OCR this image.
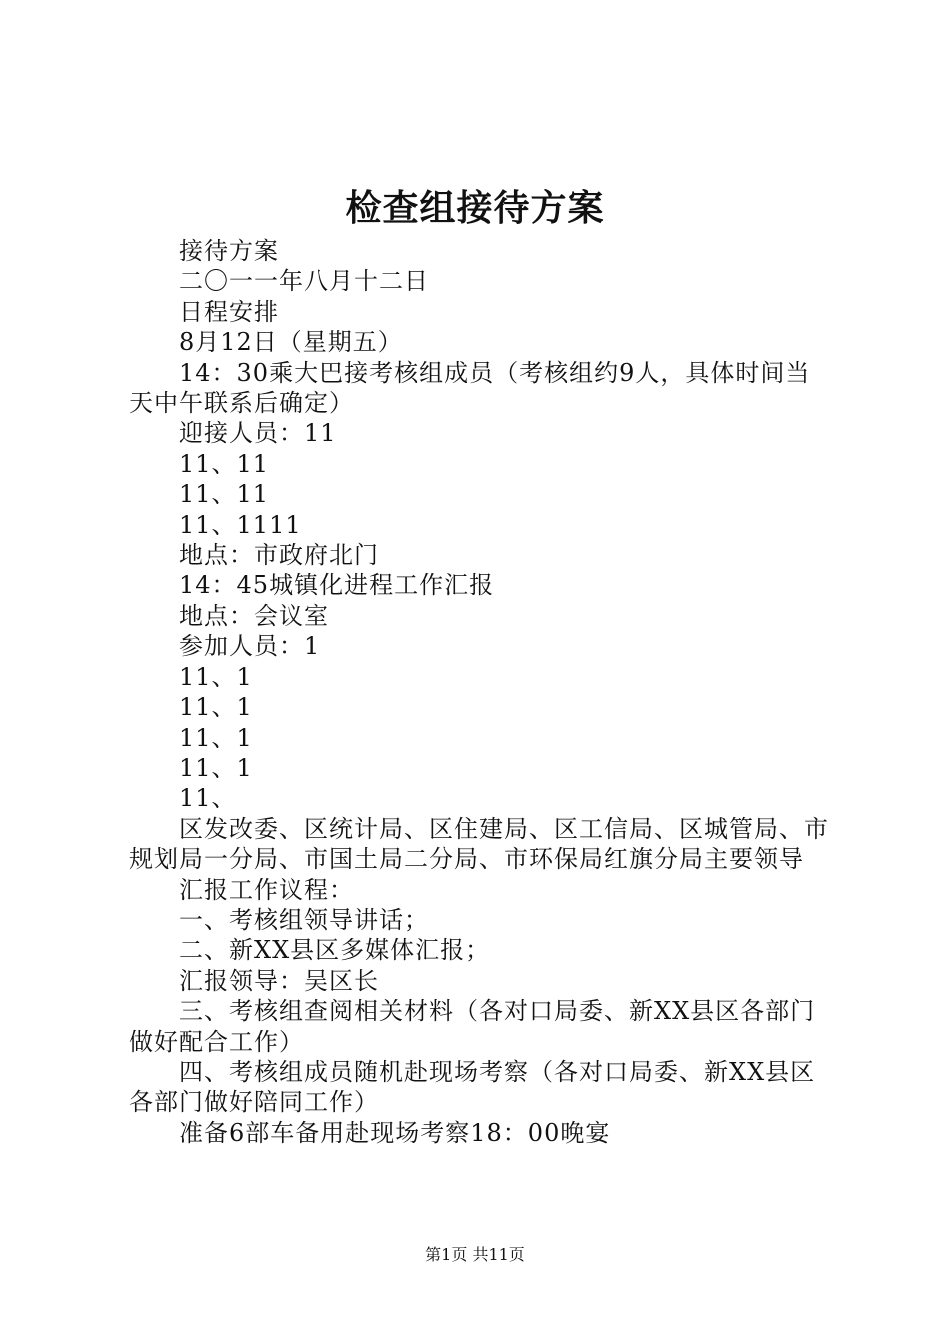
检查组接待方案

接待方案

二〇一一年八月十二日

日程安排

8月12日（星期五）

14：30乘大巴接考核组成员（考核组约9人，具体时间当天中午联系后确定）

迎接人员：11

11、11

11、11

11、1111

地点：市政府北门

14：45城镇化进程工作汇报

地点：会议室

参加人员：1

11、1

11、1

11、1

11、1

11、

区发改委、区统计局、区住建局、区工信局、区城管局、市规划局一分局、市国土局二分局、市环保局红旗分局主要领导

汇报工作议程：

一、考核组领导讲话；

二、新XX县区多媒体汇报；

汇报领导：吴区长

三、考核组查阅相关材料（各对口局委、新XX县区各部门做好配合工作）

四、考核组成员随机赴现场考察（各对口局委、新XX县区各部门做好陪同工作）

准备6部车备用赴现场考察18：00晚宴

第1页 共11页
